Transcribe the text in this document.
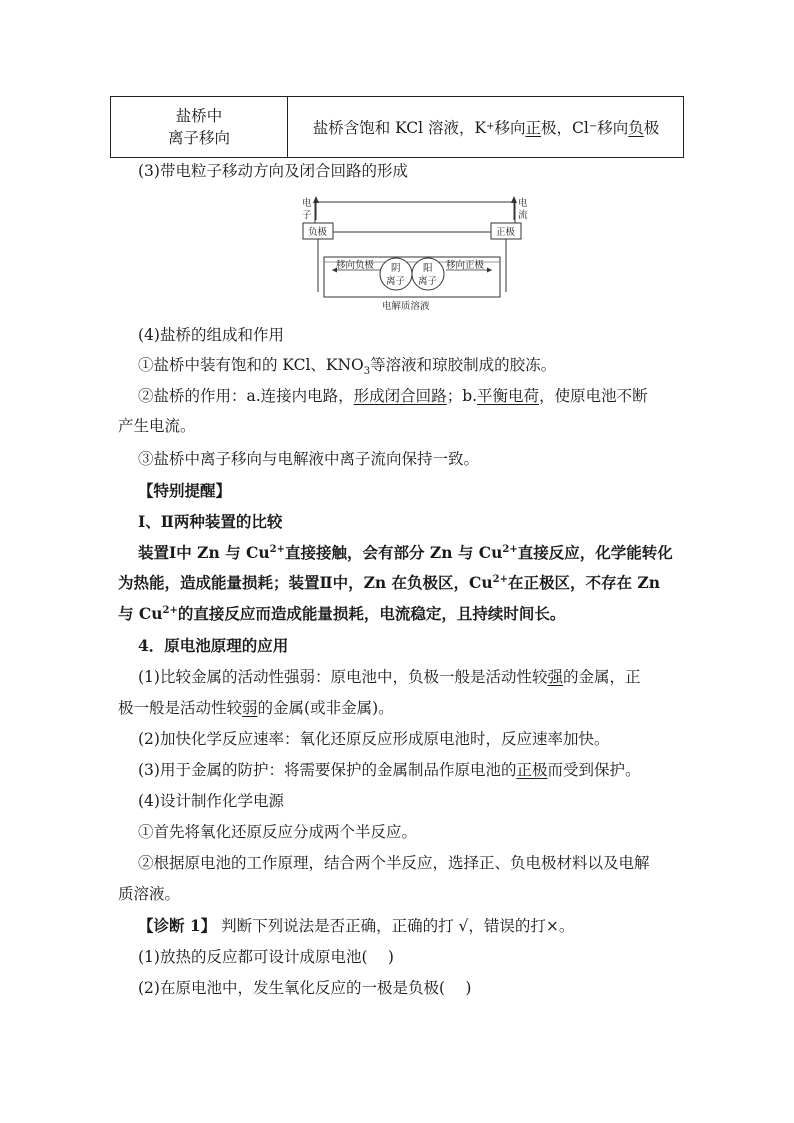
盐桥中
离子移向
盐桥含饱和 KCl 溶液，K + 移向 正 极，Cl − 移向 负 极
(3)带电粒子移动方向及闭合回路的形成
电
子
电
流
负极	正极
移向负极	移向正极
阴
离子
阳
离子
电解质溶液
(4)盐桥的组成和作用
①盐桥中装有饱和的 KCl、$KNO_3$等溶液和琼胶制成的胶冻。
②盐桥的作用：a.连接内电路，形成闭合回路；b.平衡电荷，使原电池不断
产生电流。
③盐桥中离子移向与电解液中离子流向保持一致。
【特别提醒】
Ⅰ、Ⅱ两种装置的比较
装置Ⅰ中 Zn 与 $Cu^{2+}$直接接触，会有部分 Zn 与 $Cu^{2+}$直接反应，化学能转化
为热能，造成能量损耗；装置Ⅱ中，Zn 在负极区，$Cu^{2+}$在正极区，不存在 Zn
与 $Cu^{2+}$的直接反应而造成能量损耗，电流稳定，且持续时间长。
4．原电池原理的应用
(1)比较金属的活动性强弱：原电池中，负极一般是活动性较强的金属，正
极一般是活动性较弱的金属(或非金属)。
(2)加快化学反应速率：氧化还原反应形成原电池时，反应速率加快。
(3)用于金属的防护：将需要保护的金属制品作原电池的正极而受到保护。
(4)设计制作化学电源
①首先将氧化还原反应分成两个半反应。
②根据原电池的工作原理，结合两个半反应，选择正、负电极材料以及电解
质溶液。
【诊断 1】 判断下列说法是否正确，正确的打 √，错误的打×。
(1)放热的反应都可设计成原电池(　 )
(2)在原电池中，发生氧化反应的一极是负极(　 )
